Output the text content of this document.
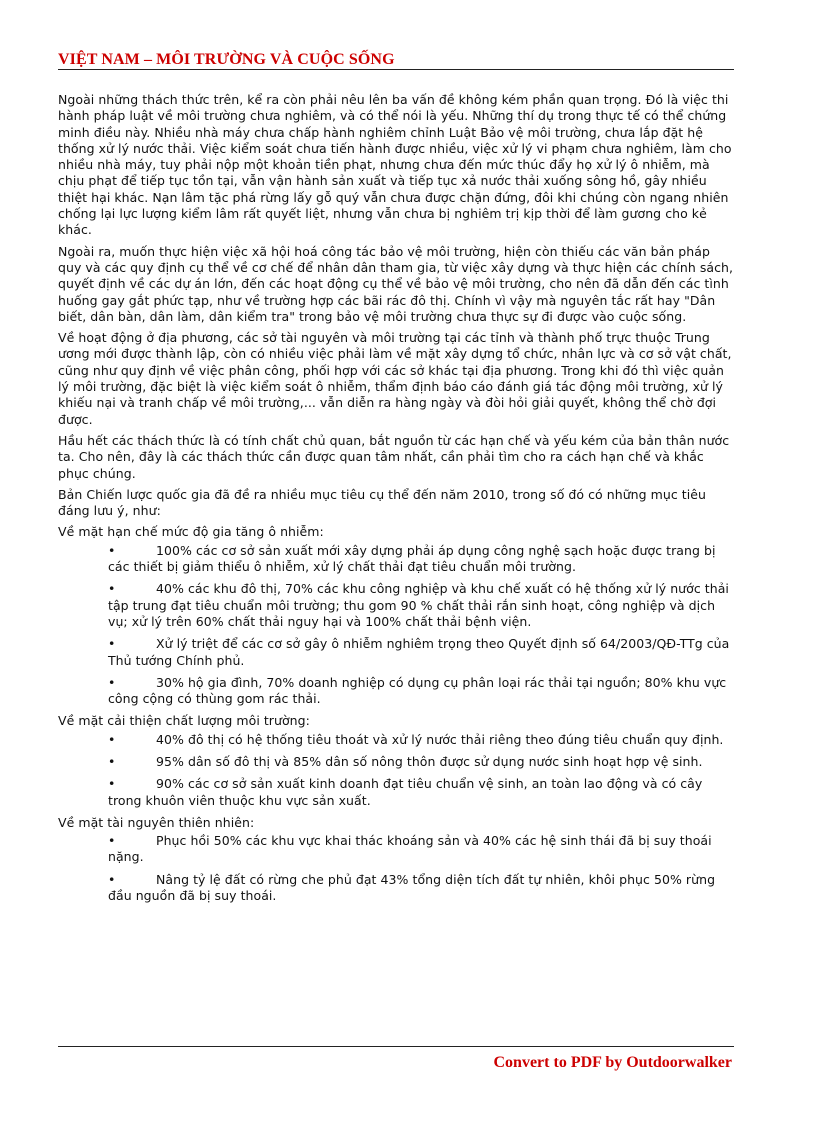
VIỆT NAM – MÔI TRƯỜNG VÀ CUỘC SỐNG

Ngoài những thách thức trên, kể ra còn phải nêu lên ba vấn đề không kém phần quan trọng. Đó là việc thi hành pháp luật về môi trường chưa nghiêm, và có thể nói là yếu. Những thí dụ trong thực tế có thể chứng minh điều này. Nhiều nhà máy chưa chấp hành nghiêm chỉnh Luật Bảo vệ môi trường, chưa lắp đặt hệ thống xử lý nước thải. Việc kiểm soát chưa tiến hành được nhiều, việc xử lý vi phạm chưa nghiêm, làm cho nhiều nhà máy, tuy phải nộp một khoản tiền phạt, nhưng chưa đến mức thúc đẩy họ xử lý ô nhiễm, mà chịu phạt để tiếp tục tồn tại, vẫn vận hành sản xuất và tiếp tục xả nước thải xuống sông hồ, gây nhiều thiệt hại khác. Nạn lâm tặc phá rừng lấy gỗ quý vẫn chưa được chặn đứng, đôi khi chúng còn ngang nhiên chống lại lực lượng kiểm lâm rất quyết liệt, nhưng vẫn chưa bị nghiêm trị kịp thời để làm gương cho kẻ khác.

Ngoài ra, muốn thực hiện việc xã hội hoá công tác bảo vệ môi trường, hiện còn thiếu các văn bản pháp quy và các quy định cụ thể về cơ chế để nhân dân tham gia, từ việc xây dựng và thực hiện các chính sách, quyết định về các dự án lớn, đến các hoạt động cụ thể về bảo vệ môi trường, cho nên đã dẫn đến các tình huống gay gắt phức tạp, như về trường hợp các bãi rác đô thị. Chính vì vậy mà nguyên tắc rất hay "Dân biết, dân bàn, dân làm, dân kiểm tra" trong bảo vệ môi trường chưa thực sự đi được vào cuộc sống.

Về hoạt động ở địa phương, các sở tài nguyên và môi trường tại các tỉnh và thành phố trực thuộc Trung ương mới được thành lập, còn có nhiều việc phải làm về mặt xây dựng tổ chức, nhân lực và cơ sở vật chất, cũng như quy định về việc phân công, phối hợp với các sở khác tại địa phương. Trong khi đó thì việc quản lý môi trường, đặc biệt là việc kiểm soát ô nhiễm, thẩm định báo cáo đánh giá tác động môi trường, xử lý khiếu nại và tranh chấp về môi trường,... vẫn diễn ra hàng ngày và đòi hỏi giải quyết, không thể chờ đợi được.

Hầu hết các thách thức là có tính chất chủ quan, bắt nguồn từ các hạn chế và yếu kém của bản thân nước ta. Cho nên, đây là các thách thức cần được quan tâm nhất, cần phải tìm cho ra cách hạn chế và khắc phục chúng.

Bản Chiến lược quốc gia đã đề ra nhiều mục tiêu cụ thể đến năm 2010, trong số đó có những mục tiêu đáng lưu ý, như:

Về mặt hạn chế mức độ gia tăng ô nhiễm:

•	100% các cơ sở sản xuất mới xây dựng phải áp dụng công nghệ sạch hoặc được trang bị các thiết bị giảm thiểu ô nhiễm, xử lý chất thải đạt tiêu chuẩn môi trường.
•	40% các khu đô thị, 70% các khu công nghiệp và khu chế xuất có hệ thống xử lý nước thải tập trung đạt tiêu chuẩn môi trường; thu gom 90 % chất thải rắn sinh hoạt, công nghiệp và dịch vụ; xử lý trên 60% chất thải nguy hại và 100% chất thải bệnh viện.
•	Xử lý triệt để các cơ sở gây ô nhiễm nghiêm trọng theo Quyết định số 64/2003/QĐ-TTg của Thủ tướng Chính phủ.
•	30% hộ gia đình, 70% doanh nghiệp có dụng cụ phân loại rác thải tại nguồn; 80% khu vực công cộng có thùng gom rác thải.

Về mặt cải thiện chất lượng môi trường:

•	40% đô thị có hệ thống tiêu thoát và xử lý nước thải riêng theo đúng tiêu chuẩn quy định.
•	95% dân số đô thị và 85% dân số nông thôn được sử dụng nước sinh hoạt hợp vệ sinh.
•	90% các cơ sở sản xuất kinh doanh đạt tiêu chuẩn vệ sinh, an toàn lao động và có cây trong khuôn viên thuộc khu vực sản xuất.

Về mặt tài nguyên thiên nhiên:

•	Phục hồi 50% các khu vực khai thác khoáng sản và 40% các hệ sinh thái đã bị suy thoái nặng.
•	Nâng tỷ lệ đất có rừng che phủ đạt 43% tổng diện tích đất tự nhiên, khôi phục 50% rừng đầu nguồn đã bị suy thoái.
Convert to PDF by Outdoorwalker
